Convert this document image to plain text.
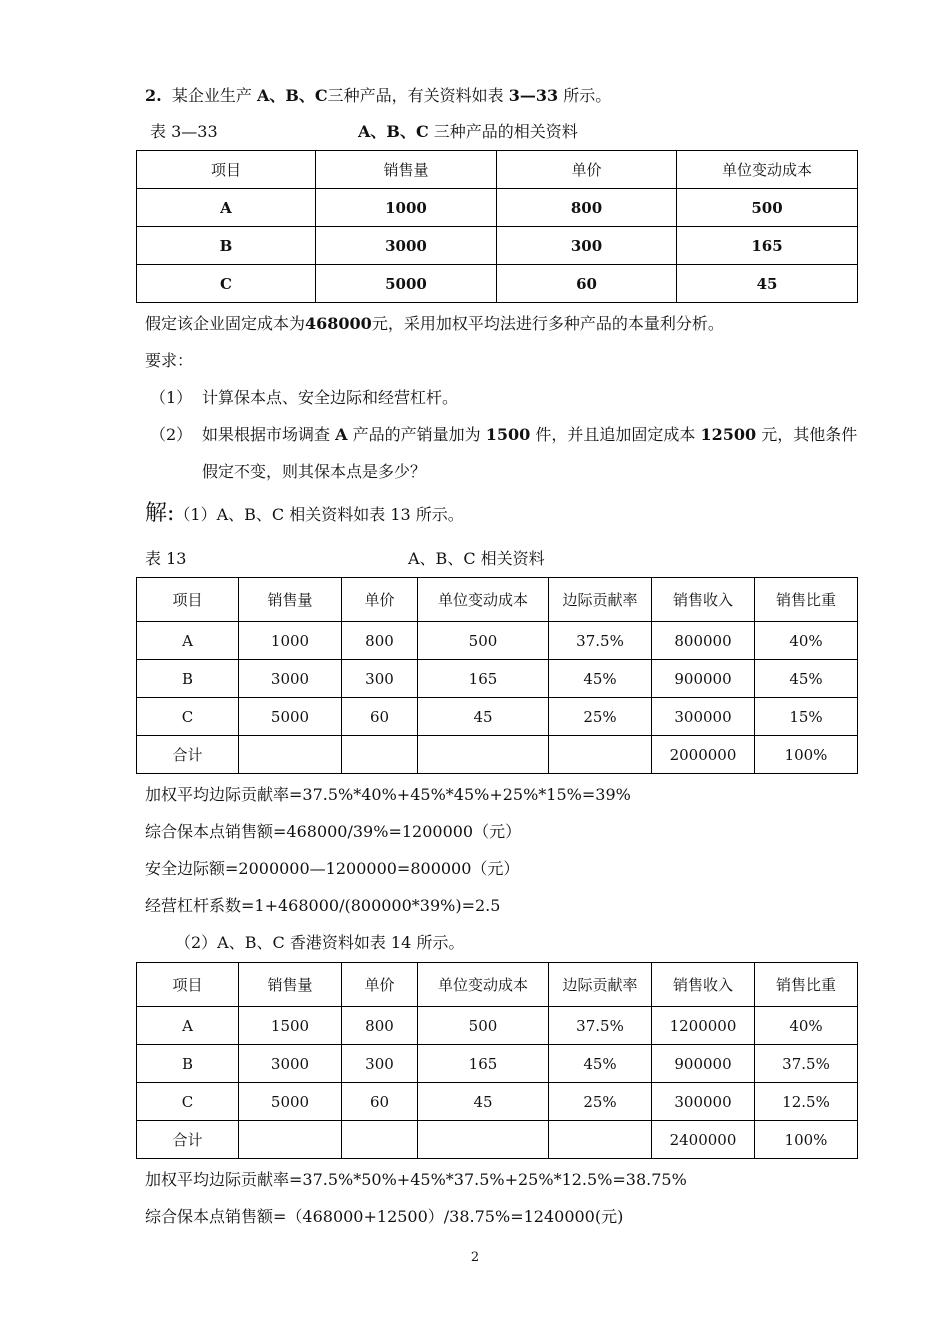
2. 某企业生产 A、B、C三种产品，有关资料如表 3—33 所示。
表 3—33	A、B、C 三种产品的相关资料
项目	销售量	单价	单位变动成本
A	1000	800	500
B	3000	300	165
C	5000	60	45
假定该企业固定成本为468000元，采用加权平均法进行多种产品的本量利分析。
要求：
（1） 计算保本点、安全边际和经营杠杆。
（2） 如果根据市场调查 A 产品的产销量加为 1500 件，并且追加固定成本 12500 元，其他条件
假定不变，则其保本点是多少？
解:（1）A、B、C 相关资料如表 13 所示。
表 13	A、B、C 相关资料
项目	销售量	单价	单位变动成本	边际贡献率	销售收入	销售比重
A	1000	800	500	37.5%	800000	40%
B	3000	300	165	45%	900000	45%
C	5000	60	45	25%	300000	15%
合计					2000000	100%
加权平均边际贡献率=37.5%*40%+45%*45%+25%*15%=39%
综合保本点销售额=468000/39%=1200000（元）
安全边际额=2000000—1200000=800000（元）
经营杠杆系数=1+468000/(800000*39%)=2.5
（2）A、B、C 香港资料如表 14 所示。
项目	销售量	单价	单位变动成本	边际贡献率	销售收入	销售比重
A	1500	800	500	37.5%	1200000	40%
B	3000	300	165	45%	900000	37.5%
C	5000	60	45	25%	300000	12.5%
合计					2400000	100%
加权平均边际贡献率=37.5%*50%+45%*37.5%+25%*12.5%=38.75%
综合保本点销售额=（468000+12500）/38.75%=1240000(元)
2
